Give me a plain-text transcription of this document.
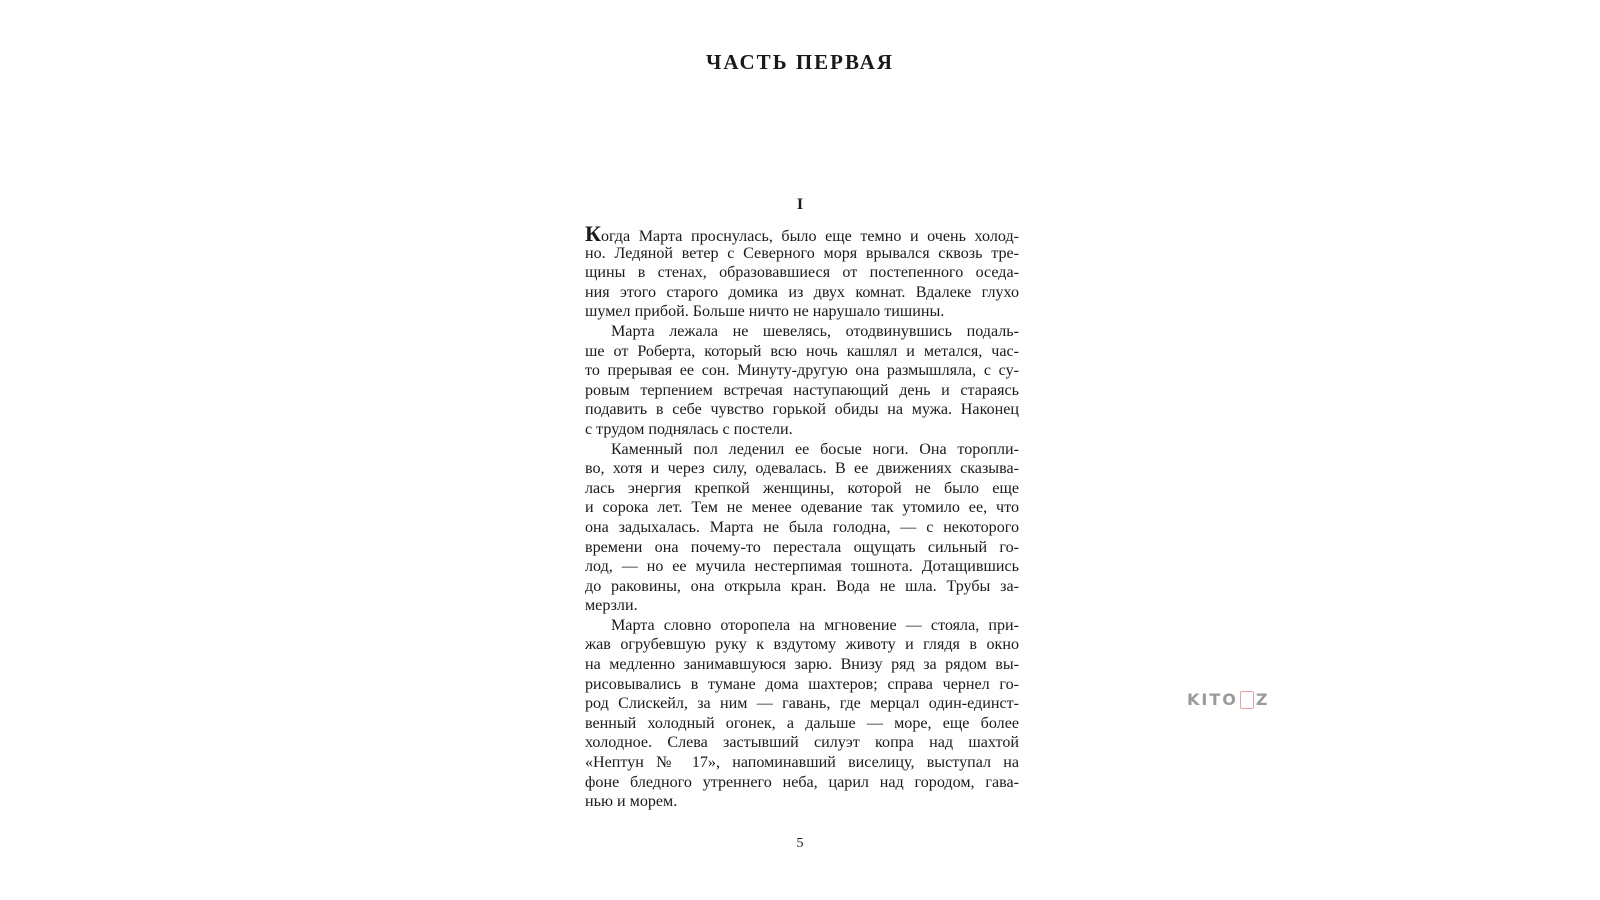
ЧАСТЬ ПЕРВАЯ
I
Когда Марта проснулась, было еще темно и очень холод-
но. Ледяной ветер с Северного моря врывался сквозь тре-
щины в стенах, образовавшиеся от постепенного оседа-
ния этого старого домика из двух комнат. Вдалеке глухо
шумел прибой. Больше ничто не нарушало тишины.
Марта лежала не шевелясь, отодвинувшись подаль-
ше от Роберта, который всю ночь кашлял и метался, час-
то прерывая ее сон. Минуту-другую она размышляла, с су-
ровым терпением встречая наступающий день и стараясь
подавить в себе чувство горькой обиды на мужа. Наконец
с трудом поднялась с постели.
Каменный пол леденил ее босые ноги. Она торопли-
во, хотя и через силу, одевалась. В ее движениях сказыва-
лась энергия крепкой женщины, которой не было еще
и сорока лет. Тем не менее одевание так утомило ее, что
она задыхалась. Марта не была голодна, — с некоторого
времени она почему-то перестала ощущать сильный го-
лод, — но ее мучила нестерпимая тошнота. Дотащившись
до раковины, она открыла кран. Вода не шла. Трубы за-
мерзли.
Марта словно оторопела на мгновение — стояла, при-
жав огрубевшую руку к вздутому животу и глядя в окно
на медленно занимавшуюся зарю. Внизу ряд за рядом вы-
рисовывались в тумане дома шахтеров; справа чернел го-
род Слискейл, за ним — гавань, где мерцал один-единст-
венный холодный огонек, а дальше — море, еще более
холодное. Слева застывший силуэт копра над шахтой
«Нептун № 17», напоминавший виселицу, выступал на
фоне бледного утреннего неба, царил над городом, гава-
нью и морем.
5
KITO Z
